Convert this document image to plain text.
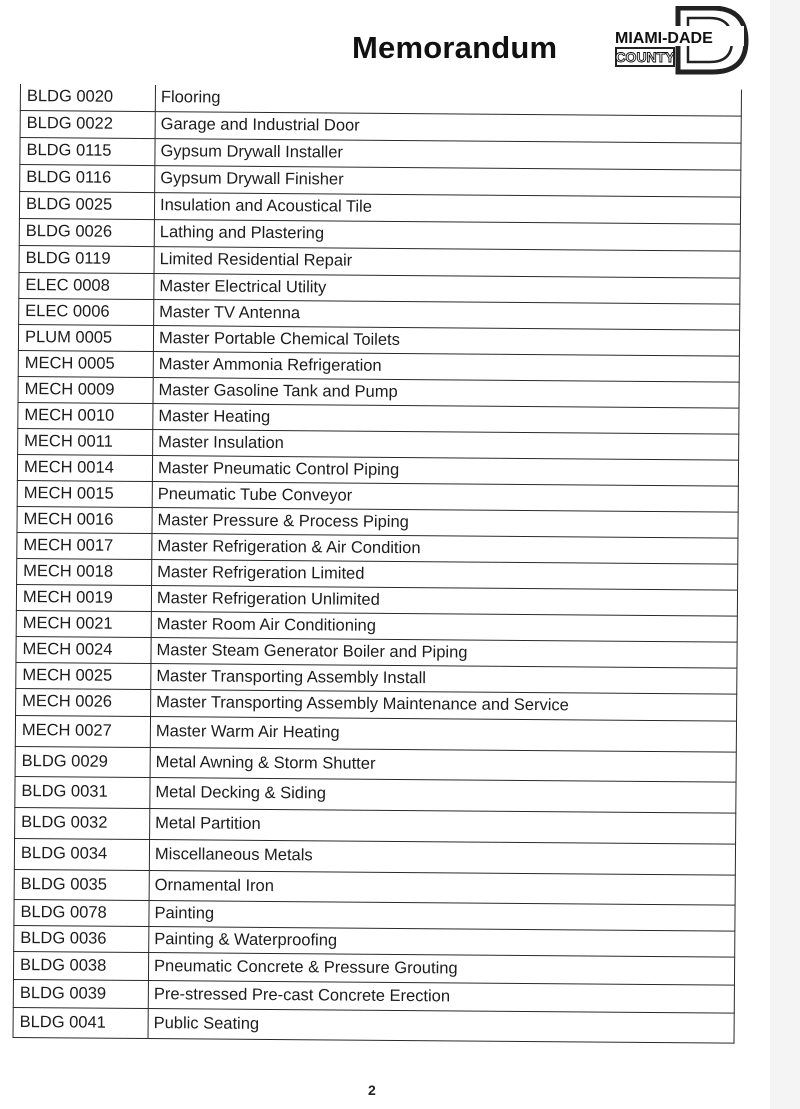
Memorandum	MIAMI-DADE
COUNTY
BLDG 0020	Flooring
BLDG 0022	Garage and Industrial Door
BLDG 0115	Gypsum Drywall Installer
BLDG 0116	Gypsum Drywall Finisher
BLDG 0025	Insulation and Acoustical Tile
BLDG 0026	Lathing and Plastering
BLDG 0119	Limited Residential Repair
ELEC 0008	Master Electrical Utility
ELEC 0006	Master TV Antenna
PLUM 0005	Master Portable Chemical Toilets
MECH 0005	Master Ammonia Refrigeration
MECH 0009	Master Gasoline Tank and Pump
MECH 0010	Master Heating
MECH 0011	Master Insulation
MECH 0014	Master Pneumatic Control Piping
MECH 0015	Pneumatic Tube Conveyor
MECH 0016	Master Pressure & Process Piping
MECH 0017	Master Refrigeration & Air Condition
MECH 0018	Master Refrigeration Limited
MECH 0019	Master Refrigeration Unlimited
MECH 0021	Master Room Air Conditioning
MECH 0024	Master Steam Generator Boiler and Piping
MECH 0025	Master Transporting Assembly Install
MECH 0026	Master Transporting Assembly Maintenance and Service
MECH 0027	Master Warm Air Heating
BLDG 0029	Metal Awning & Storm Shutter
BLDG 0031	Metal Decking & Siding
BLDG 0032	Metal Partition
BLDG 0034	Miscellaneous Metals
BLDG 0035	Ornamental Iron
BLDG 0078	Painting
BLDG 0036	Painting & Waterproofing
BLDG 0038	Pneumatic Concrete & Pressure Grouting
BLDG 0039	Pre-stressed Pre-cast Concrete Erection
BLDG 0041	Public Seating
2
